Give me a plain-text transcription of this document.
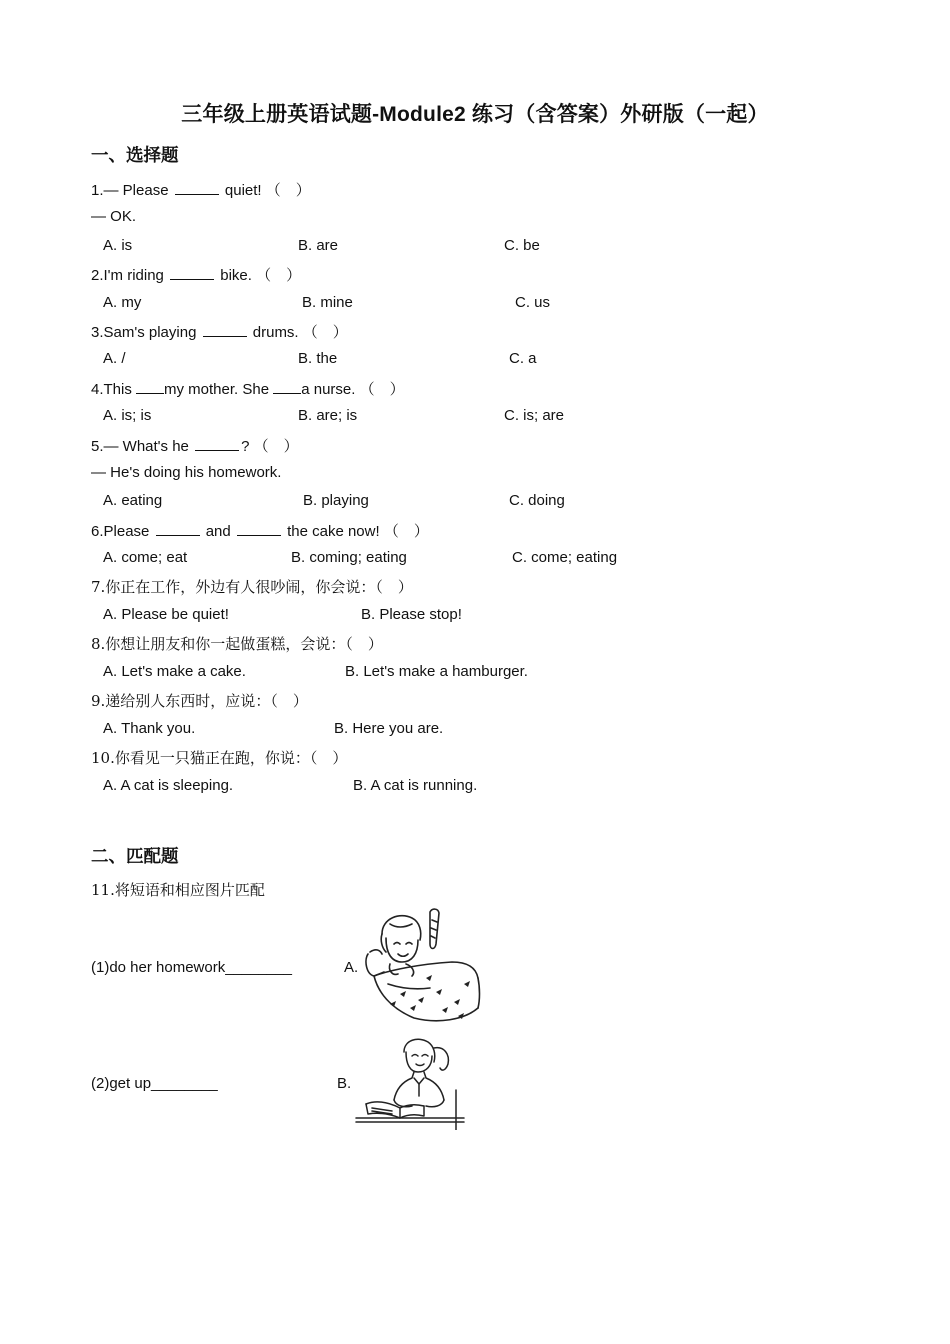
三年级上册英语试题-Module2 练习（含答案）外研版（一起）
一、选择题
1.— Please	quiet! （　）
— OK.
A. is	B. are	C. be
2.I'm riding	bike. （　）
A. my	B. mine	C. us
3.Sam's playing	drums. （　）
A. /	B. the	C. a
4.This my mother. She a nurse. （　）
A. is; is	B. are; is	C. is; are
5.— What's he	? （　）
— He's doing his homework.
A. eating	B. playing	C. doing
6.Please	and	the cake now! （　）
A. come; eat	B. coming; eating	C. come; eating
7.你正在工作，外边有人很吵闹，你会说：（　）
A. Please be quiet!	B. Please stop!
8.你想让朋友和你一起做蛋糕，会说：（　）
A. Let's make a cake.	B. Let's make a hamburger.
9.递给别人东西时，应说：（　）
A. Thank you.	B. Here you are.
10.你看见一只猫正在跑，你说：（　）
A. A cat is sleeping.	B. A cat is running.
二、匹配题
11.将短语和相应图片匹配
(1)do her homework________	A.
(2)get up________	B.
